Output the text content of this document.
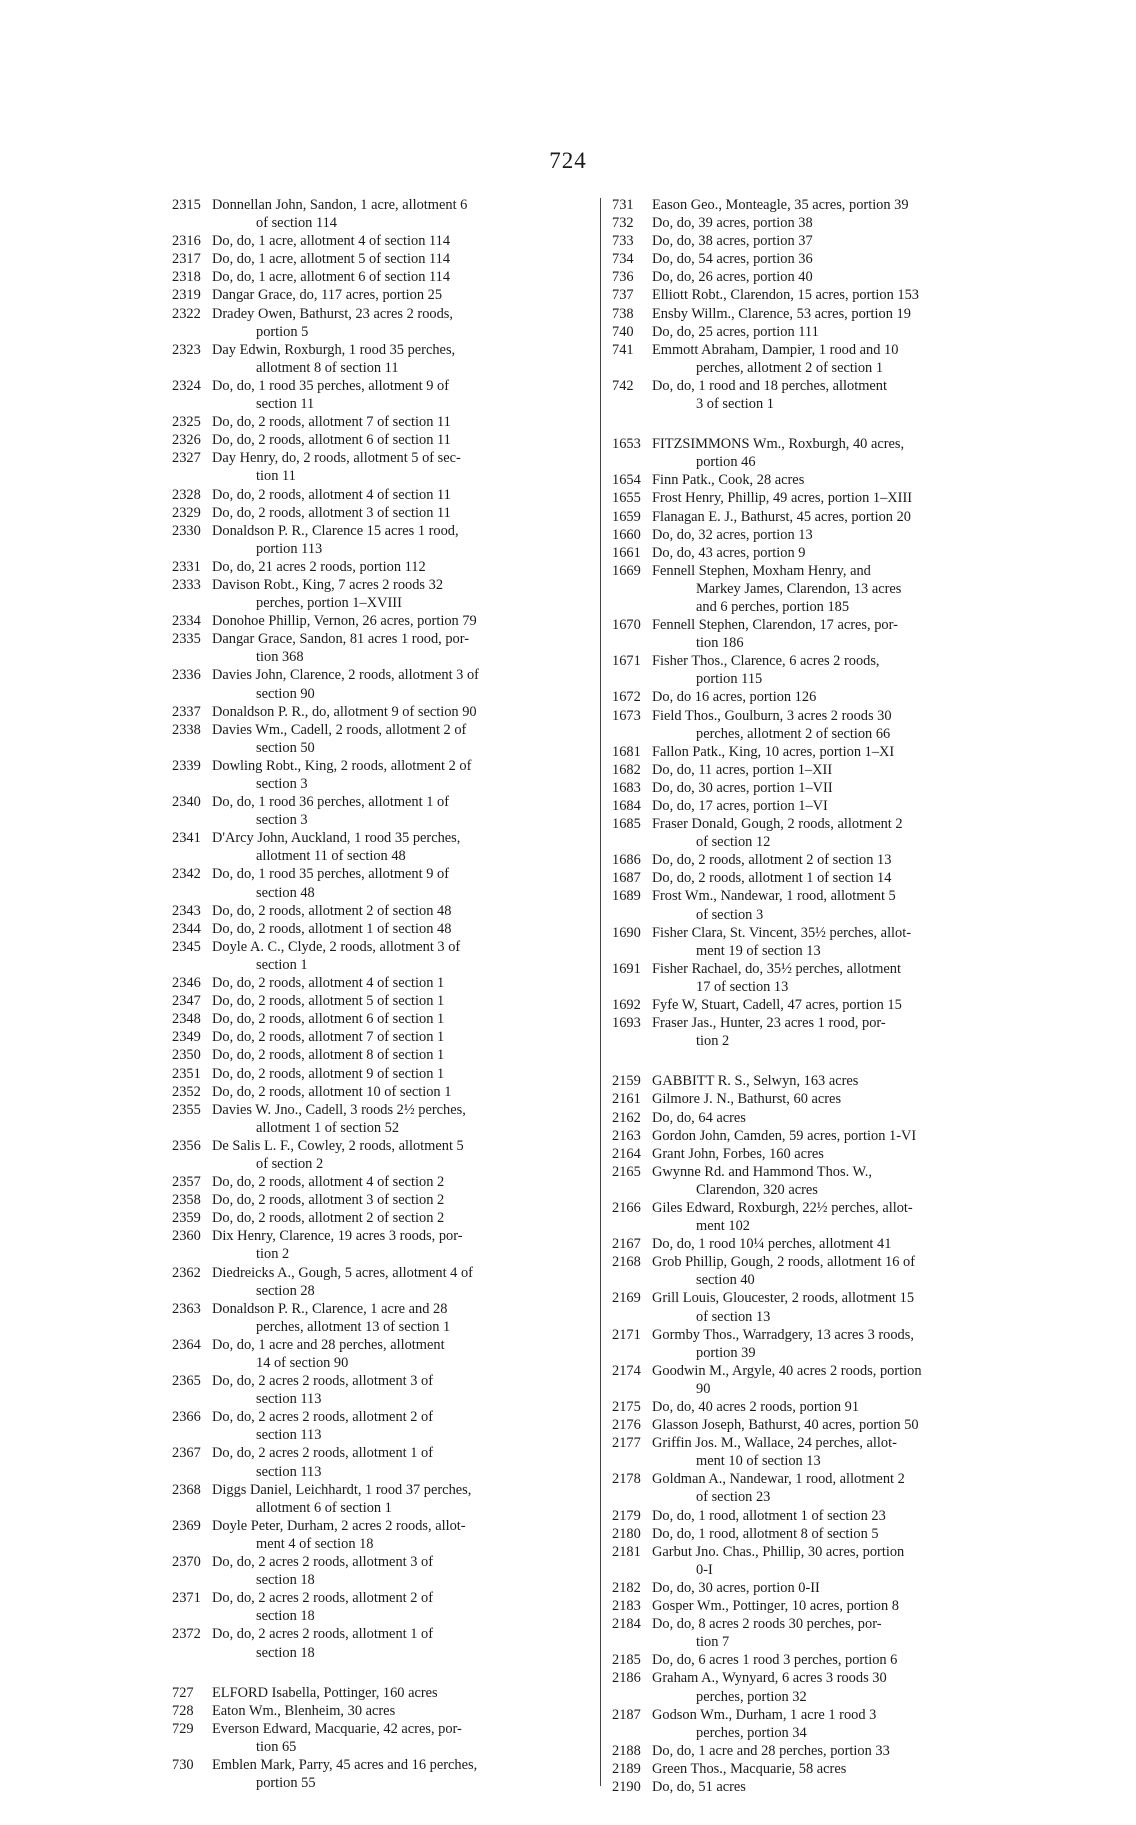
724
2315 Donnellan John, Sandon, 1 acre, allotment 6
of section 114
2316 Do, do, 1 acre, allotment 4 of section 114
2317 Do, do, 1 acre, allotment 5 of section 114
2318 Do, do, 1 acre, allotment 6 of section 114
2319 Dangar Grace, do, 117 acres, portion 25
2322 Dradey Owen, Bathurst, 23 acres 2 roods,
portion 5
2323 Day Edwin, Roxburgh, 1 rood 35 perches,
allotment 8 of section 11
2324 Do, do, 1 rood 35 perches, allotment 9 of
section 11
2325 Do, do, 2 roods, allotment 7 of section 11
2326 Do, do, 2 roods, allotment 6 of section 11
2327 Day Henry, do, 2 roods, allotment 5 of sec-
tion 11
2328 Do, do, 2 roods, allotment 4 of section 11
2329 Do, do, 2 roods, allotment 3 of section 11
2330 Donaldson P. R., Clarence 15 acres 1 rood,
portion 113
2331 Do, do, 21 acres 2 roods, portion 112
2333 Davison Robt., King, 7 acres 2 roods 32
perches, portion 1–XVIII
2334 Donohoe Phillip, Vernon, 26 acres, portion 79
2335 Dangar Grace, Sandon, 81 acres 1 rood, por-
tion 368
2336 Davies John, Clarence, 2 roods, allotment 3 of
section 90
2337 Donaldson P. R., do, allotment 9 of section 90
2338 Davies Wm., Cadell, 2 roods, allotment 2 of
section 50
2339 Dowling Robt., King, 2 roods, allotment 2 of
section 3
2340 Do, do, 1 rood 36 perches, allotment 1 of
section 3
2341 D'Arcy John, Auckland, 1 rood 35 perches,
allotment 11 of section 48
2342 Do, do, 1 rood 35 perches, allotment 9 of
section 48
2343 Do, do, 2 roods, allotment 2 of section 48
2344 Do, do, 2 roods, allotment 1 of section 48
2345 Doyle A. C., Clyde, 2 roods, allotment 3 of
section 1
2346 Do, do, 2 roods, allotment 4 of section 1
2347 Do, do, 2 roods, allotment 5 of section 1
2348 Do, do, 2 roods, allotment 6 of section 1
2349 Do, do, 2 roods, allotment 7 of section 1
2350 Do, do, 2 roods, allotment 8 of section 1
2351 Do, do, 2 roods, allotment 9 of section 1
2352 Do, do, 2 roods, allotment 10 of section 1
2355 Davies W. Jno., Cadell, 3 roods 2½ perches,
allotment 1 of section 52
2356 De Salis L. F., Cowley, 2 roods, allotment 5
of section 2
2357 Do, do, 2 roods, allotment 4 of section 2
2358 Do, do, 2 roods, allotment 3 of section 2
2359 Do, do, 2 roods, allotment 2 of section 2
2360 Dix Henry, Clarence, 19 acres 3 roods, por-
tion 2
2362 Diedreicks A., Gough, 5 acres, allotment 4 of
section 28
2363 Donaldson P. R., Clarence, 1 acre and 28
perches, allotment 13 of section 1
2364 Do, do, 1 acre and 28 perches, allotment
14 of section 90
2365 Do, do, 2 acres 2 roods, allotment 3 of
section 113
2366 Do, do, 2 acres 2 roods, allotment 2 of
section 113
2367 Do, do, 2 acres 2 roods, allotment 1 of
section 113
2368 Diggs Daniel, Leichhardt, 1 rood 37 perches,
allotment 6 of section 1
2369 Doyle Peter, Durham, 2 acres 2 roods, allot-
ment 4 of section 18
2370 Do, do, 2 acres 2 roods, allotment 3 of
section 18
2371 Do, do, 2 acres 2 roods, allotment 2 of
section 18
2372 Do, do, 2 acres 2 roods, allotment 1 of
section 18
727	ELFORD Isabella, Pottinger, 160 acres
728	Eaton Wm., Blenheim, 30 acres
729	Everson Edward, Macquarie, 42 acres, por-
tion 65
730	Emblen Mark, Parry, 45 acres and 16 perches,
portion 55
731	Eason Geo., Monteagle, 35 acres, portion 39
732	Do, do, 39 acres, portion 38
733	Do, do, 38 acres, portion 37
734	Do, do, 54 acres, portion 36
736	Do, do, 26 acres, portion 40
737	Elliott Robt., Clarendon, 15 acres, portion 153
738	Ensby Willm., Clarence, 53 acres, portion 19
740	Do, do, 25 acres, portion 111
741	Emmott Abraham, Dampier, 1 rood and 10
perches, allotment 2 of section 1
742	Do, do, 1 rood and 18 perches, allotment
3 of section 1
1653 FITZSIMMONS Wm., Roxburgh, 40 acres,
portion 46
1654 Finn Patk., Cook, 28 acres
1655 Frost Henry, Phillip, 49 acres, portion 1–XIII
1659 Flanagan E. J., Bathurst, 45 acres, portion 20
1660 Do, do, 32 acres, portion 13
1661 Do, do, 43 acres, portion 9
1669 Fennell Stephen, Moxham Henry, and
Markey James, Clarendon, 13 acres
and 6 perches, portion 185
1670 Fennell Stephen, Clarendon, 17 acres, por-
tion 186
1671 Fisher Thos., Clarence, 6 acres 2 roods,
portion 115
1672 Do, do 16 acres, portion 126
1673 Field Thos., Goulburn, 3 acres 2 roods 30
perches, allotment 2 of section 66
1681 Fallon Patk., King, 10 acres, portion 1–XI
1682 Do, do, 11 acres, portion 1–XII
1683 Do, do, 30 acres, portion 1–VII
1684 Do, do, 17 acres, portion 1–VI
1685 Fraser Donald, Gough, 2 roods, allotment 2
of section 12
1686 Do, do, 2 roods, allotment 2 of section 13
1687 Do, do, 2 roods, allotment 1 of section 14
1689 Frost Wm., Nandewar, 1 rood, allotment 5
of section 3
1690 Fisher Clara, St. Vincent, 35½ perches, allot-
ment 19 of section 13
1691 Fisher Rachael, do, 35½ perches, allotment
17 of section 13
1692 Fyfe W, Stuart, Cadell, 47 acres, portion 15
1693 Fraser Jas., Hunter, 23 acres 1 rood, por-
tion 2
2159 GABBITT R. S., Selwyn, 163 acres
2161 Gilmore J. N., Bathurst, 60 acres
2162 Do, do, 64 acres
2163 Gordon John, Camden, 59 acres, portion 1-VI
2164 Grant John, Forbes, 160 acres
2165 Gwynne Rd. and Hammond Thos. W.,
Clarendon, 320 acres
2166 Giles Edward, Roxburgh, 22½ perches, allot-
ment 102
2167 Do, do, 1 rood 10¼ perches, allotment 41
2168 Grob Phillip, Gough, 2 roods, allotment 16 of
section 40
2169 Grill Louis, Gloucester, 2 roods, allotment 15
of section 13
2171 Gormby Thos., Warradgery, 13 acres 3 roods,
portion 39
2174 Goodwin M., Argyle, 40 acres 2 roods, portion
90
2175 Do, do, 40 acres 2 roods, portion 91
2176 Glasson Joseph, Bathurst, 40 acres, portion 50
2177 Griffin Jos. M., Wallace, 24 perches, allot-
ment 10 of section 13
2178 Goldman A., Nandewar, 1 rood, allotment 2
of section 23
2179 Do, do, 1 rood, allotment 1 of section 23
2180 Do, do, 1 rood, allotment 8 of section 5
2181 Garbut Jno. Chas., Phillip, 30 acres, portion
0-I
2182 Do, do, 30 acres, portion 0-II
2183 Gosper Wm., Pottinger, 10 acres, portion 8
2184 Do, do, 8 acres 2 roods 30 perches, por-
tion 7
2185 Do, do, 6 acres 1 rood 3 perches, portion 6
2186 Graham A., Wynyard, 6 acres 3 roods 30
perches, portion 32
2187 Godson Wm., Durham, 1 acre 1 rood 3
perches, portion 34
2188 Do, do, 1 acre and 28 perches, portion 33
2189 Green Thos., Macquarie, 58 acres
2190 Do, do, 51 acres
